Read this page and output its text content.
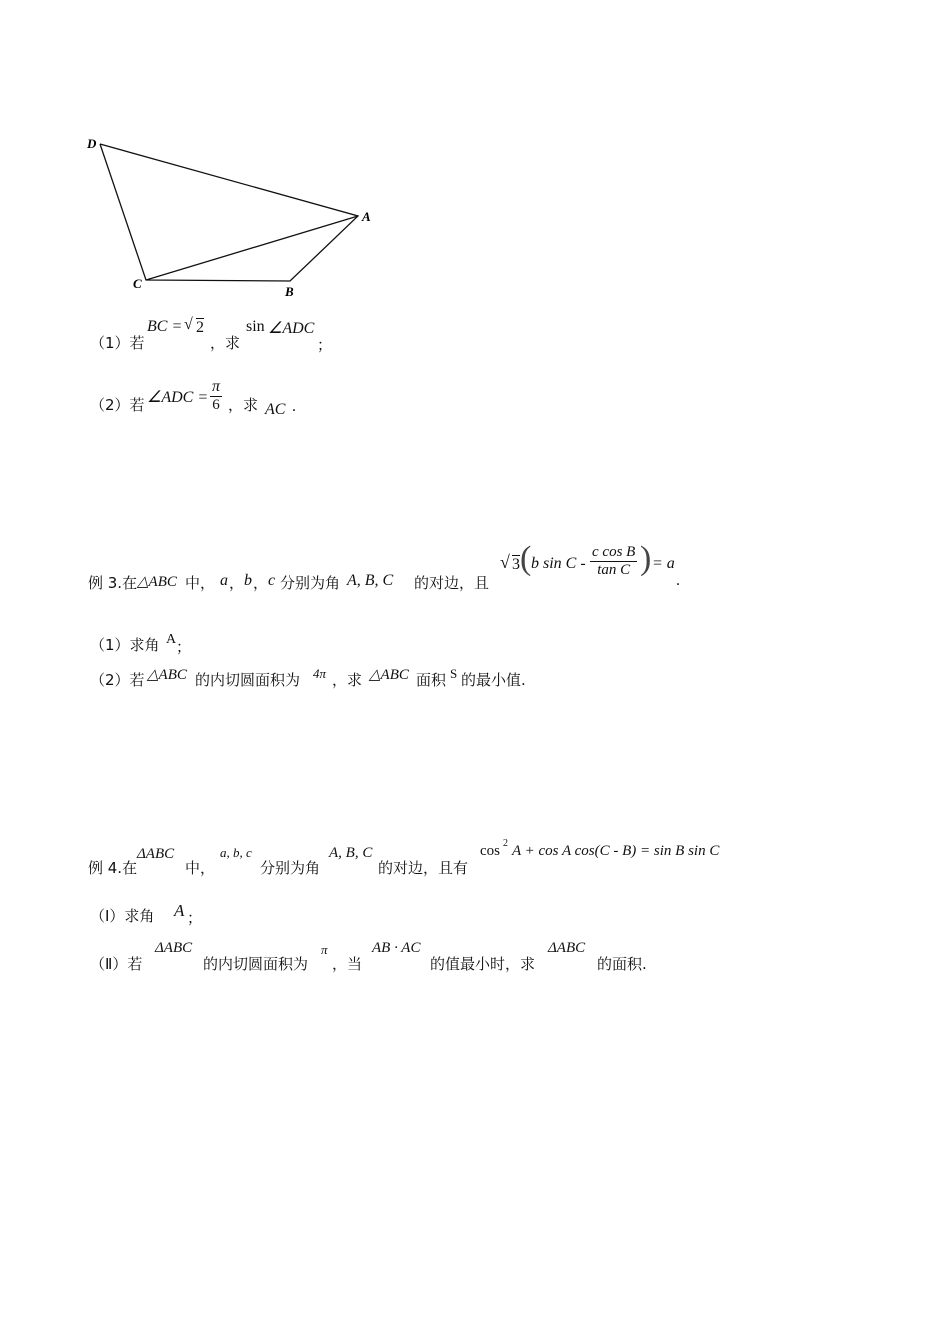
D
A
C
B
（1）若
BC = √ 2
，求
sin ∠ADC
；
（2）若 ∠ADC = $\frac{\pi}{6}$ ，求 AC .
例 3.在 △ABC 中， a ， b ， c 分别为角 A, B, C 的对边，且
√ 3 ( b sin C - $\frac{\text{c cos B}}{\text{tan C}}$ ) = a
.
（1）求角 A ；
（2）若 △ABC 的内切圆面积为 4π ，求 △ABC 面积 S 的最小值.
例 4.在
ΔABC
中，
a, b, c
分别为角
A, B, C
的对边，且有
cos 2 A + cos A cos(C - B) = sin B sin C
（Ⅰ）求角 A ；
（Ⅱ）若
ΔABC
的内切圆面积为
π
，当
AB · AC
的值最小时，求
ΔABC
的面积.
